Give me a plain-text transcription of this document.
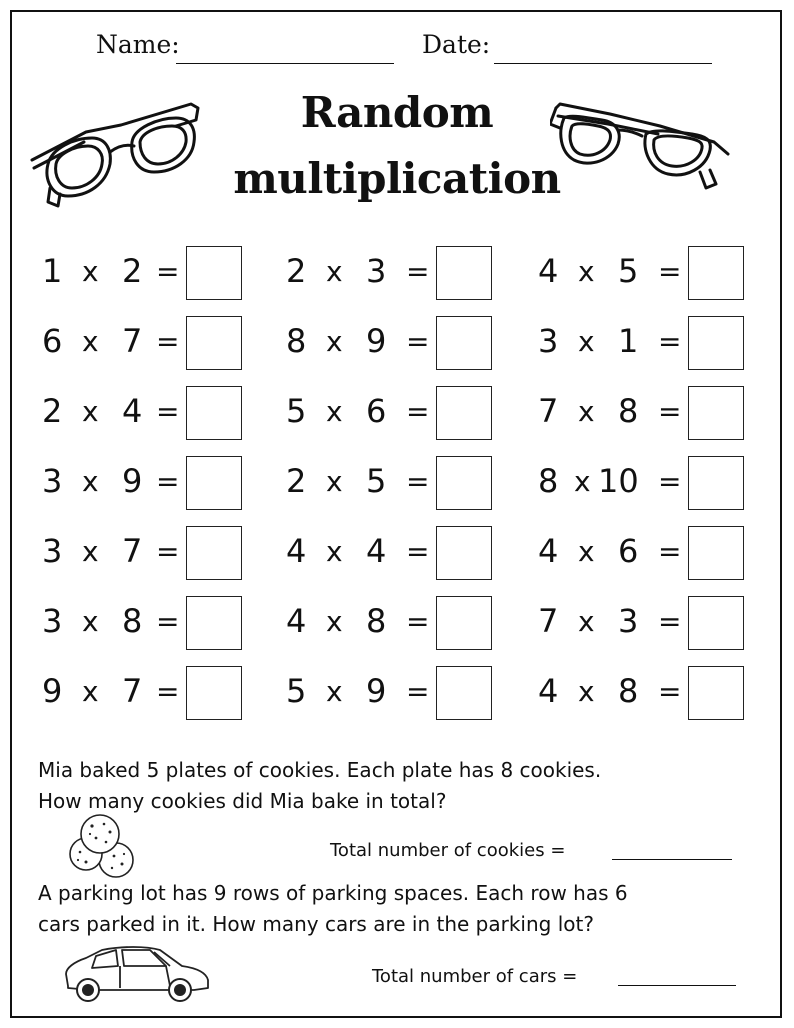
Name:	Date:
Random
multiplication
1 x 2 =	2 x 3 =	4 x 5 =
6 x 7 =	8 x 9 =	3 x 1 =
2 x 4 =	5 x 6 =	7 x 8 =
3 x 9 =	2 x 5 =	8 x 10 =
3 x 7 =	4 x 4 =	4 x 6 =
3 x 8 =	4 x 8 =	7 x 3 =
9 x 7 =	5 x 9 =	4 x 8 =
Mia baked 5 plates of cookies. Each plate has 8 cookies.
How many cookies did Mia bake in total?
Total number of cookies =
A parking lot has 9 rows of parking spaces. Each row has 6
cars parked in it. How many cars are in the parking lot?
Total number of cars =
